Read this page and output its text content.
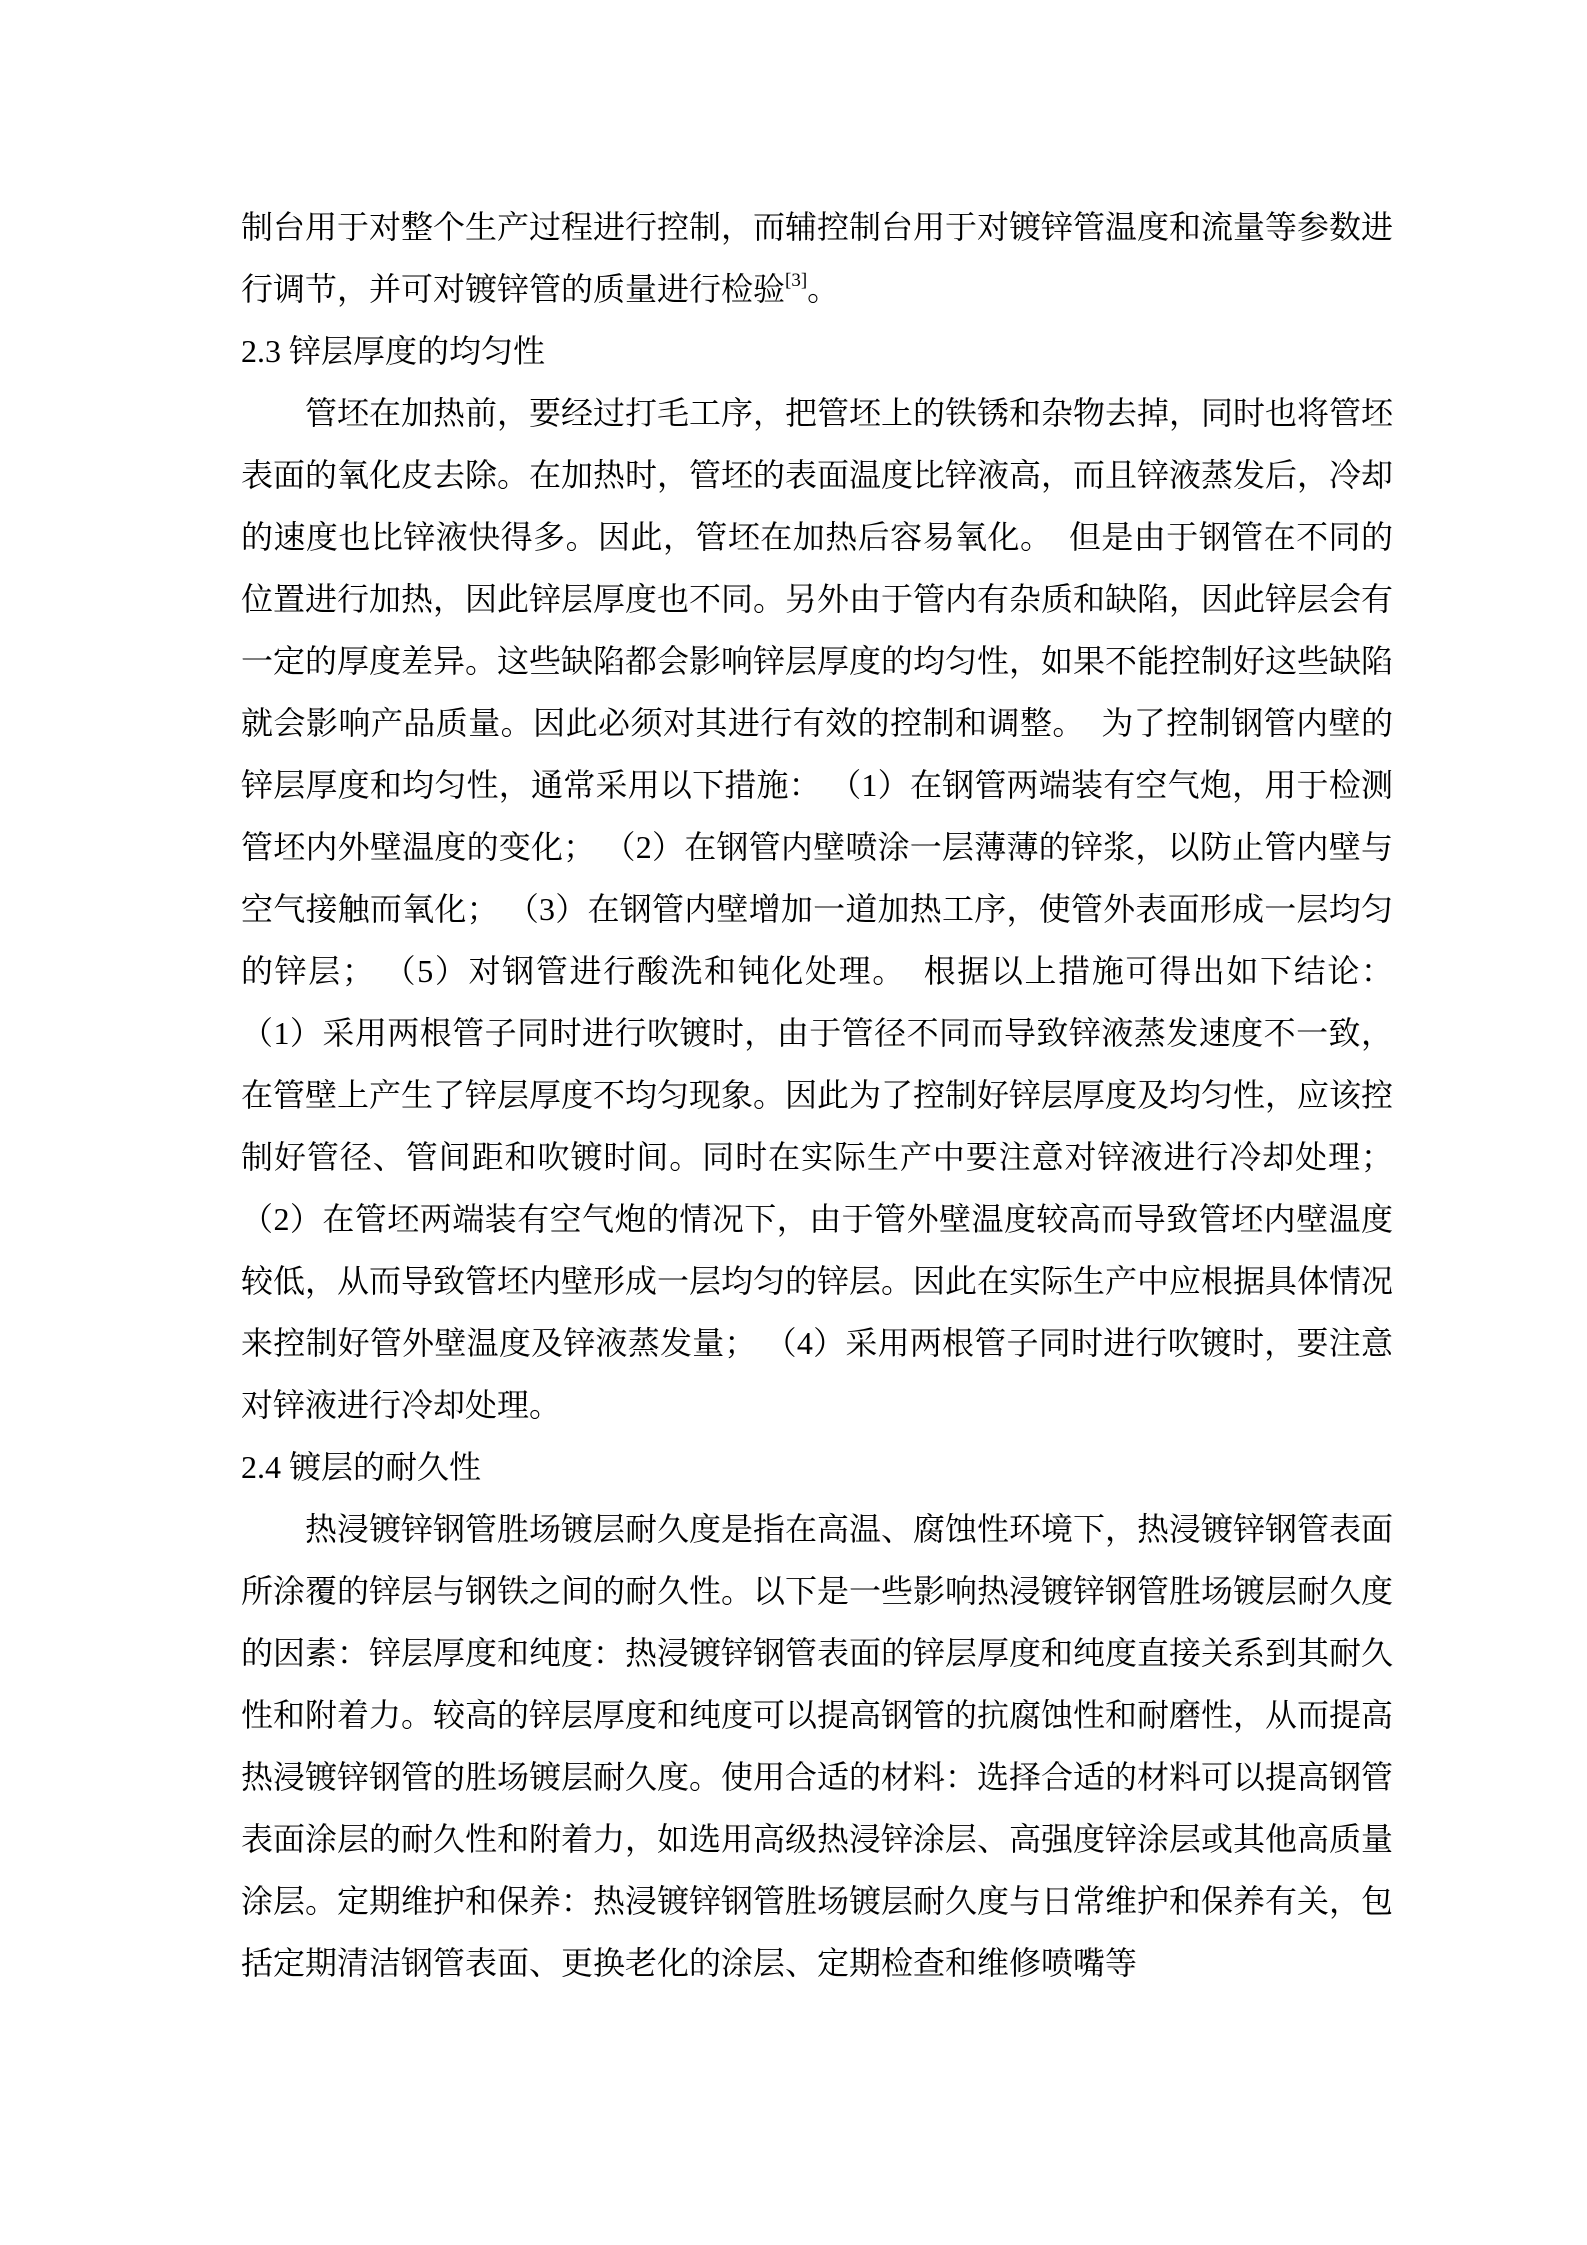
制台用于对整个生产过程进行控制，而辅控制台用于对镀锌管温度和流量等参数进行调节，并可对镀锌管的质量进行检验[3]。

2.3 锌层厚度的均匀性

管坯在加热前，要经过打毛工序，把管坯上的铁锈和杂物去掉，同时也将管坯表面的氧化皮去除。在加热时，管坯的表面温度比锌液高，而且锌液蒸发后，冷却的速度也比锌液快得多。因此，管坯在加热后容易氧化。　但是由于钢管在不同的位置进行加热，因此锌层厚度也不同。另外由于管内有杂质和缺陷，因此锌层会有一定的厚度差异。这些缺陷都会影响锌层厚度的均匀性，如果不能控制好这些缺陷就会影响产品质量。因此必须对其进行有效的控制和调整。　为了控制钢管内壁的锌层厚度和均匀性，通常采用以下措施： （1）在钢管两端装有空气炮，用于检测管坯内外壁温度的变化； （2）在钢管内壁喷涂一层薄薄的锌浆，以防止管内壁与空气接触而氧化； （3）在钢管内壁增加一道加热工序，使管外表面形成一层均匀的锌层； （5）对钢管进行酸洗和钝化处理。　根据以上措施可得出如下结论： （1）采用两根管子同时进行吹镀时，由于管径不同而导致锌液蒸发速度不一致，在管壁上产生了锌层厚度不均匀现象。因此为了控制好锌层厚度及均匀性，应该控制好管径、管间距和吹镀时间。同时在实际生产中要注意对锌液进行冷却处理； （2）在管坯两端装有空气炮的情况下，由于管外壁温度较高而导致管坯内壁温度较低，从而导致管坯内壁形成一层均匀的锌层。因此在实际生产中应根据具体情况来控制好管外壁温度及锌液蒸发量； （4）采用两根管子同时进行吹镀时，要注意对锌液进行冷却处理。

2.4 镀层的耐久性

热浸镀锌钢管胜场镀层耐久度是指在高温、腐蚀性环境下，热浸镀锌钢管表面所涂覆的锌层与钢铁之间的耐久性。以下是一些影响热浸镀锌钢管胜场镀层耐久度的因素：锌层厚度和纯度：热浸镀锌钢管表面的锌层厚度和纯度直接关系到其耐久性和附着力。较高的锌层厚度和纯度可以提高钢管的抗腐蚀性和耐磨性，从而提高热浸镀锌钢管的胜场镀层耐久度。使用合适的材料：选择合适的材料可以提高钢管表面涂层的耐久性和附着力，如选用高级热浸锌涂层、高强度锌涂层或其他高质量涂层。定期维护和保养：热浸镀锌钢管胜场镀层耐久度与日常维护和保养有关，包括定期清洁钢管表面、更换老化的涂层、定期检查和维修喷嘴等
